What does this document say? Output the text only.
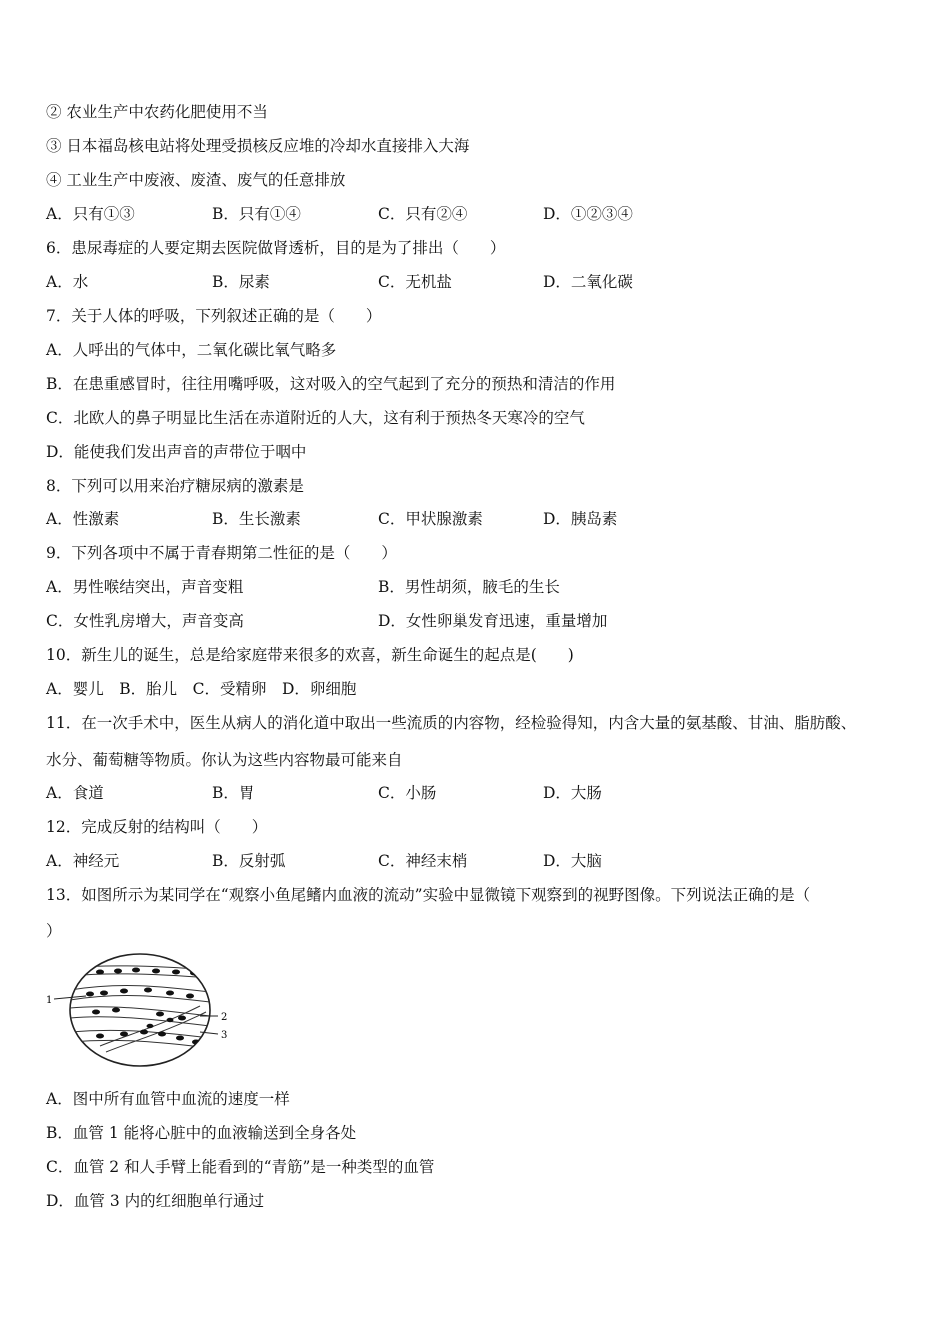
② 农业生产中农药化肥使用不当
③ 日本福岛核电站将处理受损核反应堆的冷却水直接排入大海
④ 工业生产中废液、废渣、废气的任意排放
A．只有①③	B．只有①④	C．只有②④	D．①②③④
6．患尿毒症的人要定期去医院做肾透析，目的是为了排出（　　）
A．水	B．尿素	C．无机盐	D．二氧化碳
7．关于人体的呼吸，下列叙述正确的是（　　）
A．人呼出的气体中，二氧化碳比氧气略多
B．在患重感冒时，往往用嘴呼吸，这对吸入的空气起到了充分的预热和清洁的作用
C．北欧人的鼻子明显比生活在赤道附近的人大，这有利于预热冬天寒冷的空气
D．能使我们发出声音的声带位于咽中
8．下列可以用来治疗糖尿病的激素是
A．性激素	B．生长激素	C．甲状腺激素	D．胰岛素
9．下列各项中不属于青春期第二性征的是（　　）
A．男性喉结突出，声音变粗	B．男性胡须，腋毛的生长
C．女性乳房增大，声音变高	D．女性卵巢发育迅速，重量增加
10．新生儿的诞生，总是给家庭带来很多的欢喜，新生命诞生的起点是(　　)
A．婴儿　B．胎儿　C．受精卵　D．卵细胞
11．在一次手术中，医生从病人的消化道中取出一些流质的内容物，经检验得知，内含大量的氨基酸、甘油、脂肪酸、
水分、葡萄糖等物质。你认为这些内容物最可能来自
A．食道	B．胃	C．小肠	D．大肠
12．完成反射的结构叫（　　）
A．神经元	B．反射弧	C．神经末梢	D．大脑
13．如图所示为某同学在“观察小鱼尾鳍内血液的流动”实验中显微镜下观察到的视野图像。下列说法正确的是（
）
1
2
3
A．图中所有血管中血流的速度一样
B．血管 1 能将心脏中的血液输送到全身各处
C．血管 2 和人手臂上能看到的“青筋”是一种类型的血管
D．血管 3 内的红细胞单行通过
